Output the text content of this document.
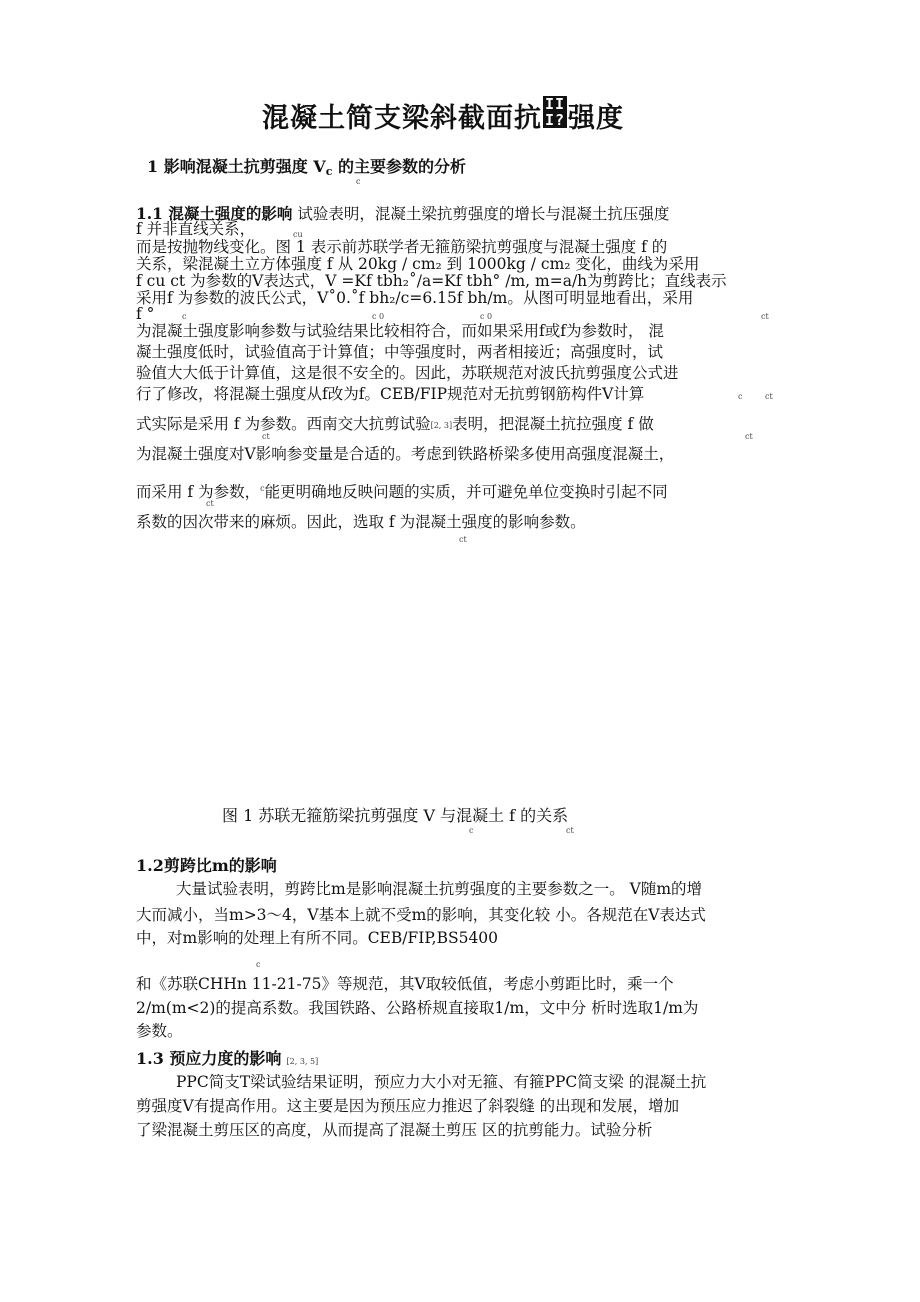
混凝土简支梁斜截面抗 II
I? 强度
1 影响混凝土抗剪强度 Vc 的主要参数的分析
c
1.1 混凝土强度的影响 试验表明，混凝土梁抗剪强度的增长与混凝土抗压强度
f 并非直线关系，	cu
而是按抛物线变化。图 1 表示前苏联学者无箍筋梁抗剪强度与混凝土强度 f 的
关系，梁混凝土立方体强度 f 从 20kg / cm₂ 到 1000kg / cm₂ 变化，曲线为采用
f cu ct 为参数的V表达式，V =Kf tbh₂˚/a=Kf tbh° /m, m=a/h为剪跨比；直线表示
采用f 为参数的波氏公式，V˚0.˚f bh₂/c=6.15f bh/m。从图可明显地看出，采用
f °	c	c 0	c 0	ct
为混凝土强度影响参数与试验结果比较相符合，而如果采用f或f为参数时， 混
凝土强度低时，试验值高于计算值；中等强度时，两者相接近；高强度时，试
验值大大低于计算值，这是很不安全的。因此，苏联规范对波氏抗剪强度公式进
行了修改，将混凝土强度从f改为f。CEB/FIP规范对无抗剪钢筋构件V计算	c	ct
式实际是采用 f 为参数。西南交大抗剪试验[2, 3]表明，把混凝土抗拉强度 f 做
ct	ct
为混凝土强度对V影响参变量是合适的。考虑到铁路桥梁多使用高强度混凝土，
而采用 f 为参数，$^c$能更明确地反映问题的实质，并可避免单位变换时引起不同
ct
系数的因次带来的麻烦。因此，选取 f 为混凝土强度的影响参数。
ct
图 1 苏联无箍筋梁抗剪强度 V 与混凝土 f 的关系
c	ct
1.2剪跨比m的影响
大量试验表明，剪跨比m是影响混凝土抗剪强度的主要参数之一。 V随m的增
大而减小，当m>3～4，V基本上就不受m的影响，其变化较 小。各规范在V表达式
中，对m影响的处理上有所不同。CEB/FIP,BS5400
c
和《苏联CHHn 11-21-75》等规范，其V取较低值，考虑小剪距比时，乘一个
2/m(m<2)的提高系数。我国铁路、公路桥规直接取1/m，文中分 析时选取1/m为
参数。
1.3 预应力度的影响 [2, 3, 5]
PPC简支T梁试验结果证明，预应力大小对无箍、有箍PPC简支梁 的混凝土抗
剪强度V有提高作用。这主要是因为预压应力推迟了斜裂缝 的出现和发展，增加
了梁混凝土剪压区的高度，从而提高了混凝土剪压 区的抗剪能力。试验分析
